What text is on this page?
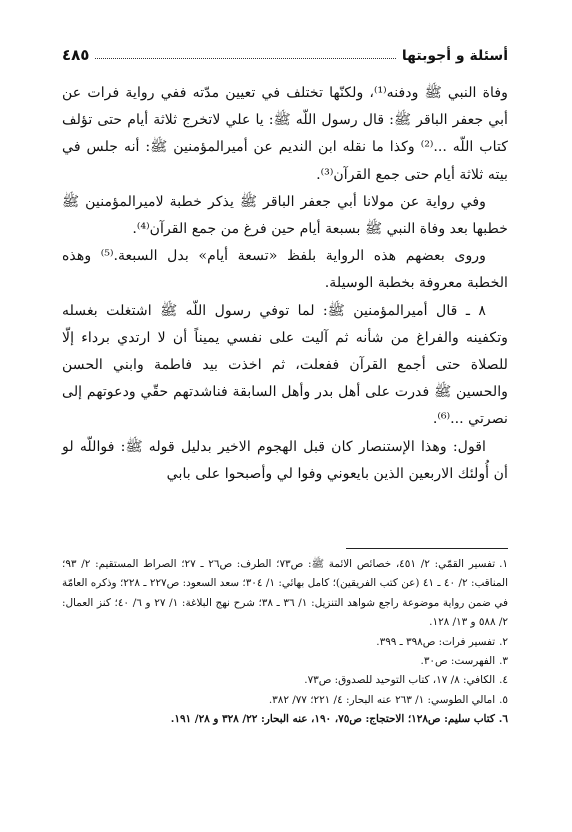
أسئلة و أجوبتها
٤٨٥

وفاة النبي ﷺ ودفنه⁽¹⁾، ولكنّها تختلف في تعيين مدّته ففي رواية فرات عن أبي جعفر الباقر ﷺ: قال رسول اللّه ﷺ: يا علي لاتخرج ثلاثة أيام حتى تؤلف كتاب اللّه ...⁽²⁾ وكذا ما نقله ابن النديم عن أميرالمؤمنين ﷺ: أنه جلس في بيته ثلاثة أيام حتى جمع القرآن⁽³⁾.

وفي رواية عن مولانا أبي جعفر الباقر ﷺ يذكر خطبة لاميرالمؤمنين ﷺ خطبها بعد وفاة النبي ﷺ بسبعة أيام حين فرغ من جمع القرآن⁽⁴⁾.

وروى بعضهم هذه الرواية بلفظ «تسعة أيام» بدل السبعة.⁽⁵⁾ وهذه الخطبة معروفة بخطبة الوسيلة.

٨ ـ قال أميرالمؤمنين ﷺ: لما توفي رسول اللّه ﷺ اشتغلت بغسله وتكفينه والفراغ من شأنه ثم آليت على نفسي يميناً أن لا ارتدي برداء إلّا للصلاة حتى أجمع القرآن ففعلت، ثم اخذت بيد فاطمة وابني الحسن والحسين ﷺ فدرت على أهل بدر وأهل السابقة فناشدتهم حقّي ودعوتهم إلى نصرتي ...⁽⁶⁾.

اقول: وهذا الإستنصار كان قبل الهجوم الاخير بدليل قوله ﷺ: فواللّه لو أن أُولئك الاربعين الذين بايعوني وفوا لي وأصبحوا على بابي

١.تفسير القمّي: ٢/ ٤٥١، خصائص الائمة ﷺ: ص٧٣؛ الطرف: ص٢٦ ـ ٢٧؛ الصراط المستقيم: ٢/ ٩٣؛ المناقب: ٢/ ٤٠ ـ ٤١ (عن كتب الفريقين)؛ كامل بهائي: ١/ ٣٠٤؛ سعد السعود: ص٢٢٧ ـ ٢٢٨؛ وذكره العامّة في ضمن رواية موضوعة راجع شواهد التنزيل: ١/ ٣٦ ـ ٣٨؛ شرح نهج البلاغة: ١/ ٢٧ و ٦/ ٤٠؛ كنز العمال: ٢/ ٥٨٨ و ١٣/ ١٢٨.

٢.تفسير فرات: ص٣٩٨ ـ ٣٩٩.

٣.الفهرست: ص٣٠.

٤.الكافي: ٨/ ١٧، كتاب التوحيد للصدوق: ص٧٣.

٥.امالي الطوسي: ١/ ٢٦٣ عنه البحار: ٤/ ٢٢١؛ ٧٧/ ٣٨٢.

٦.كتاب سليم: ص١٢٨؛ الاحتجاج: ص٧٥، ١٩٠، عنه البحار: ٢٢/ ٣٢٨ و ٢٨/ ١٩١.
